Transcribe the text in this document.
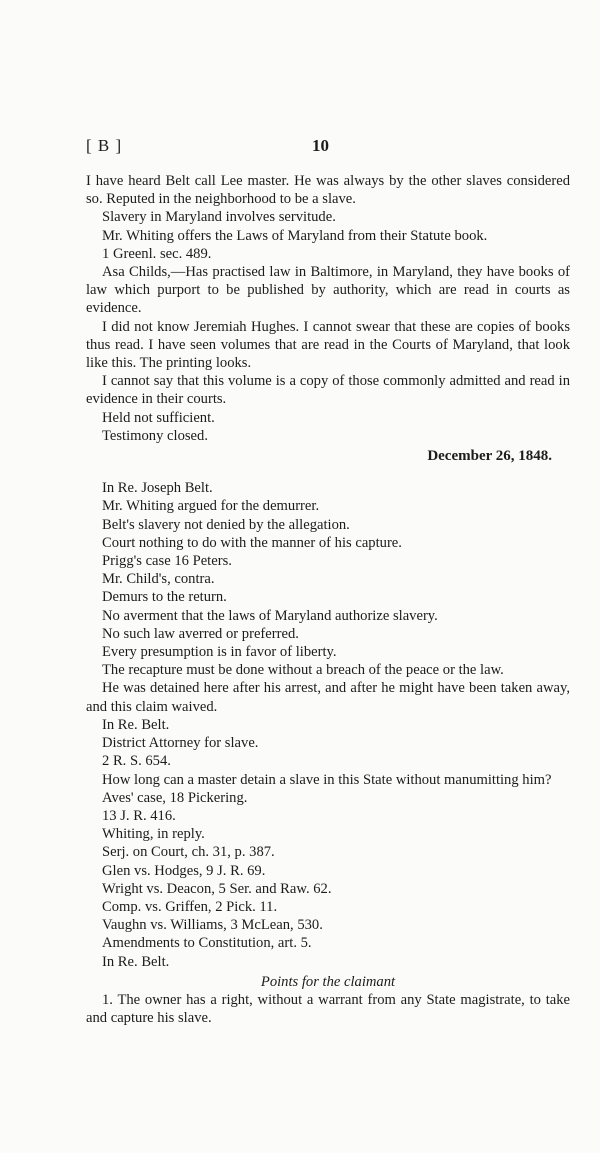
[ B ]	10

I have heard Belt call Lee master. He was always by the other slaves considered so. Reputed in the neighborhood to be a slave.

Slavery in Maryland involves servitude.

Mr. Whiting offers the Laws of Maryland from their Statute book.

1 Greenl. sec. 489.

Asa Childs,—Has practised law in Baltimore, in Maryland, they have books of law which purport to be published by authority, which are read in courts as evidence.

I did not know Jeremiah Hughes. I cannot swear that these are copies of books thus read. I have seen volumes that are read in the Courts of Maryland, that look like this. The printing looks.

I cannot say that this volume is a copy of those commonly admitted and read in evidence in their courts.

Held not sufficient.

Testimony closed.

December 26, 1848.

In Re. Joseph Belt.

Mr. Whiting argued for the demurrer.

Belt's slavery not denied by the allegation.

Court nothing to do with the manner of his capture.

Prigg's case 16 Peters.

Mr. Child's, contra.

Demurs to the return.

No averment that the laws of Maryland authorize slavery.

No such law averred or preferred.

Every presumption is in favor of liberty.

The recapture must be done without a breach of the peace or the law.

He was detained here after his arrest, and after he might have been taken away, and this claim waived.

In Re. Belt.

District Attorney for slave.

2 R. S. 654.

How long can a master detain a slave in this State without manumitting him?

Aves' case, 18 Pickering.

13 J. R. 416.

Whiting, in reply.

Serj. on Court, ch. 31, p. 387.

Glen vs. Hodges, 9 J. R. 69.

Wright vs. Deacon, 5 Ser. and Raw. 62.

Comp. vs. Griffen, 2 Pick. 11.

Vaughn vs. Williams, 3 McLean, 530.

Amendments to Constitution, art. 5.

In Re. Belt.

Points for the claimant

1. The owner has a right, without a warrant from any State magistrate, to take and capture his slave.
